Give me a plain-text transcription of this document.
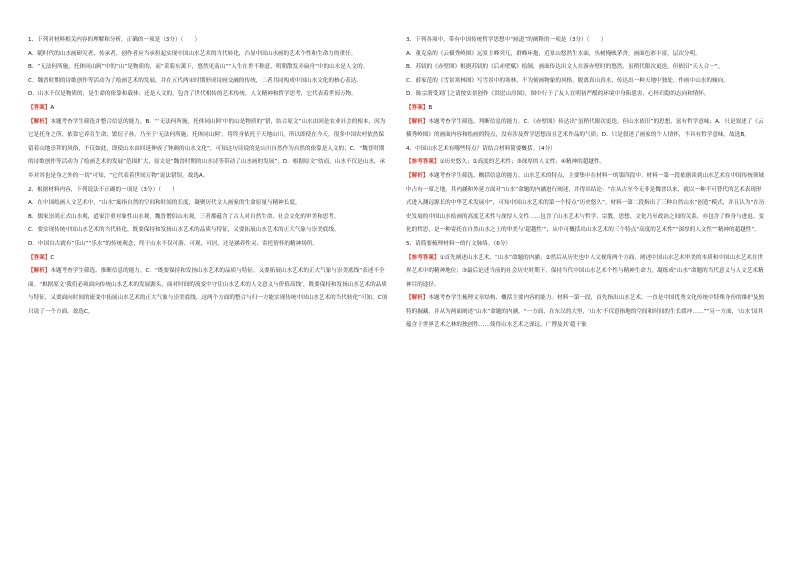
1、下列对材料相关内容的理解和分析，正确的一项是（3分）（　　）

A．随时代的山水画研究者、传承者，创作者应当承担起实现中国山水艺术的当代转化，凸显中国山水画的艺术个性和生命力的重任。

B．“无法何所施，托体同山阿”中的“山”是物质的，而“采菊东篱下，悠然见南山”“人生在世不称意，明朝散发弄扁舟”中的山水是人文的。

C．魏晋时期的诗歌创作等活动为了绘画艺术的发展，并在五代两宋时期形成诗画交融的传统，二者共同构成中国山水文化的核心表达。

D．山水不仅是物质的，是生命的依靠和载体；还是人文的，包含了世代相传的艺术传统、人文精神和哲学思考，它代表着世间万物。

【答案】A

【解析】本题考查学生筛选并整合信息的能力。B．“‘无法何所施，托体同山阿’中的山是物质的”错，结合原文“山水由回是农业社会的根本，因为它是托身之所，依靠它养育生命，繁衍子孙，乃至于‘无法何所施，托体同山阿’，将终身依托于天地山川，所以即使在今天，很多中国农村依然保留着山地崇拜的风俗，不仅如此，即使山水由回延伸成了钟颜的山水文化”，可知这句诗说的是山川自然作为自然的依靠是人文的；C．“魏晋时期的诗歌创作等活动为了绘画艺术的发展”范围扩大，原文是“魏晋时期的山水诗等带动了山水画的发展”；D．根据原文“幼而，山水不仅是山水，承乡对其也是身之外的一切”可知，“它代表着世间万物”说法错误。故选A。

2、根据材料内容，下列说法不正确的一项是（3分）（　　）

A．在中国绘画人文艺术中，“山水”寓指自然的空间和时间的长度，凝聚历代文人画家的生命原量与精神长度。

B．儒家崇尚正式山水观，道家注重对象性山水观，魏晋僧侣山水观，三者都蕴含了古人对自然生命、社会文化的审美和思考。

C．要实现传统中国山水艺术的当代转化，既要保持和发扬山水艺术的品质与特征，又要拓展山水艺术的正大气象与崇美底线。

D．中国自古就有“乐山”“乐水”的传统观念，终于山水不仅可游、可观，可居，还是涵养性灵、寄托情怀的精神场所。

【答案】C

【解析】本题考查学生筛选、推断信息的能力。C．“既要保持和发扬山水艺术的品质与特征，又要拓展山水艺术的正大气象与崇美底线”表述不全面。“根据原文‘我们必须面向传统山水艺术的发展源头，面对时间的流变中守住山水艺术的人文意义与价值高线’，既要保持和发扬山水艺术的品质与特征，又要面向时间的流变中拓展山水艺术的正大气象与崇美底线，这两个方面的整合与归一方能实现传统中国山水艺术的当代转化”可知，C项只说了一个方面。故选C。

3、下列各项中，带有中国传统哲学思想中“画道”的阐释的一项是（3分）（　　）

A．董克泉的《云横秀岭图》远景主峰突兀，群峰环抱，近景山悠然生水面，丛树掩映茅舍，画面色彩丰富，层次分明。

B．苏轼的《赤壁图》根据苏轼的《后赤壁赋》绘制，画面传达出文人在游赤壁时的悠然，虽稍代限次更迭，但依旧“天人合一”。

C．薛家范的《雪景寒林图》写雪景中的寒林，不为刻画物象的风格，脱离真山真水，传达出一种天地中独处、作画中山水的倾向。

D．陈宗渭受刘门之请按实景创作《洪崖山房图》，图中行于了友人在明初严酷的环境中身陷患害、心怀归隐的志向和情怀。

【答案】B

【解析】本题考查学生筛选、判断信息的能力。C．《赤壁图》传达出“虽稍代限次更迭，但山水依旧”的思想，富有哲学意味；A．只是叙述了《云横秀岭图》的画面内容和绘画的特点，没有涉及哲学思想而且艺术作品的气质；D．只是叙述了画家的个人情怀，不具有哲学意味。故选B。

4、中国山水艺术有哪些特点？请结合材料简要概括。（4分）

【参考答案】①历史悠久；②高度的艺术性；③深厚的人文性；④精神的超越性。

【解析】本题考查学生筛选、概括信息的能力。山水艺术的特点，主要集中在材料一的第四段中。材料一第一段依据谈到山水艺术在中国传统领域中占有一席之地，其内涵和外延方面对“山水”命题的内涵进行阐述，并得出结论：“在从古至今无非是魏晋以来，就以一种不可替代的艺术表现形式进入渊远源长的中华艺术发展中”，可知中国山水艺术的第一个特点“历史悠久”。材料一第二段指出了三种自然山水“创造”模式，并且认为“在历史发展的中国山水绘画的高度艺术性与深厚人文性……包含了山水艺术与哲学、宗教、思想、文化乃至政治之间的关系，亦包含了修身与进退、变化的哲思，是一种寄托在自然山水之上的审美与‘超越性’”，从中可概括出山水艺术的三个特点“高度的艺术性”“深厚的人文性”“精神的超越性”。

5、请简要梳理材料一的行文脉络。（6分）

【参考答案】①首先阐述山水艺术，“山水”命题的内涵；②然后从历史也中人文视角两个方面，阐述中国山水艺术审美的本质和中国山水艺术在世界艺术中的精神地位；③最后论述当前的社会历史时期下，保持当代中国山水艺术个性与精神生命力，凝练成“山水”命题的当代意义与人文艺术精神目的途径。

【解析】本题考查学生梳理文章结构、概括主要内容的能力。材料一第一段，首先指出山水艺术，一直是中国优秀文化传统中特殊身份的维护及独特的掘藏，并从为两面阐述“山水”命题的内涵，“一方面，在东汉的大里，‘山水’不仅意指地的空间和时间的生长缓冲……”“另一方面，‘山水’国其蕴含于世界艺术之林的独创性……使得山水艺术之深远，广博及其‘超于象
